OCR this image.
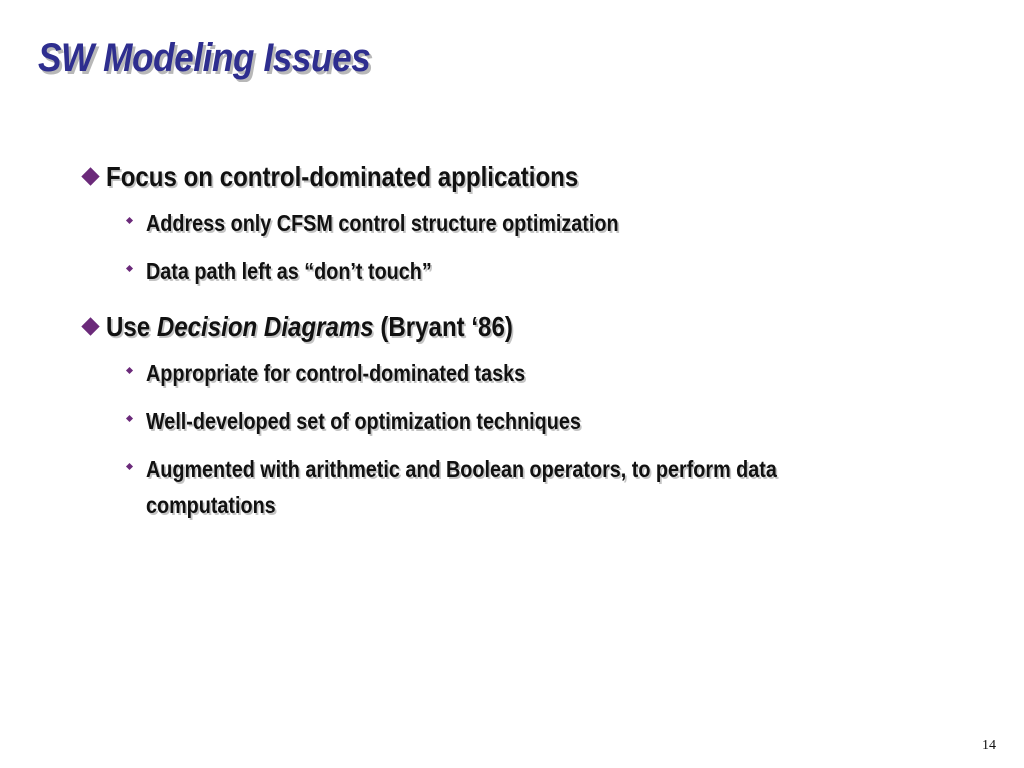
SW Modeling Issues
Focus on control-dominated applications
Address only CFSM control structure optimization
Data path left as “don’t touch”
Use Decision Diagrams (Bryant ‘86)
Appropriate for control-dominated tasks
Well-developed set of optimization techniques
Augmented with arithmetic and Boolean operators, to perform data computations
14
